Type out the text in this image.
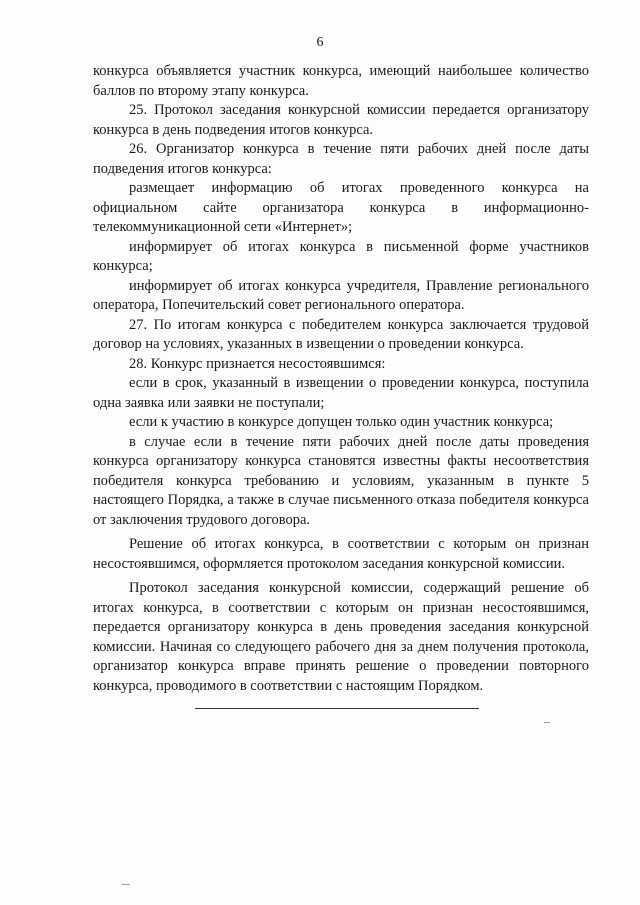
6

конкурса объявляется участник конкурса, имеющий наибольшее количество баллов по второму этапу конкурса.

25. Протокол заседания конкурсной комиссии передается организатору конкурса в день подведения итогов конкурса.

26. Организатор конкурса в течение пяти рабочих дней после даты подведения итогов конкурса:

размещает информацию об итогах проведенного конкурса на официальном сайте организатора конкурса в информационно-телекоммуникационной сети «Интернет»;

информирует об итогах конкурса в письменной форме участников конкурса;

информирует об итогах конкурса учредителя, Правление регионального оператора, Попечительский совет регионального оператора.

27. По итогам конкурса с победителем конкурса заключается трудовой договор на условиях, указанных в извещении о проведении конкурса.

28. Конкурс признается несостоявшимся:

если в срок, указанный в извещении о проведении конкурса, поступила одна заявка или заявки не поступали;

если к участию в конкурсе допущен только один участник конкурса;

в случае если в течение пяти рабочих дней после даты проведения конкурса организатору конкурса становятся известны факты несоответствия победителя конкурса требованию и условиям, указанным в пункте 5 настоящего Порядка, а также в случае письменного отказа победителя конкурса от заключения трудового договора.

Решение об итогах конкурса, в соответствии с которым он признан несостоявшимся, оформляется протоколом заседания конкурсной комиссии.

Протокол заседания конкурсной комиссии, содержащий решение об итогах конкурса, в соответствии с которым он признан несостоявшимся, передается организатору конкурса в день проведения заседания конкурсной комиссии. Начиная со следующего рабочего дня за днем получения протокола, организатор конкурса вправе принять решение о проведении повторного конкурса, проводимого в соответствии с настоящим Порядком.
